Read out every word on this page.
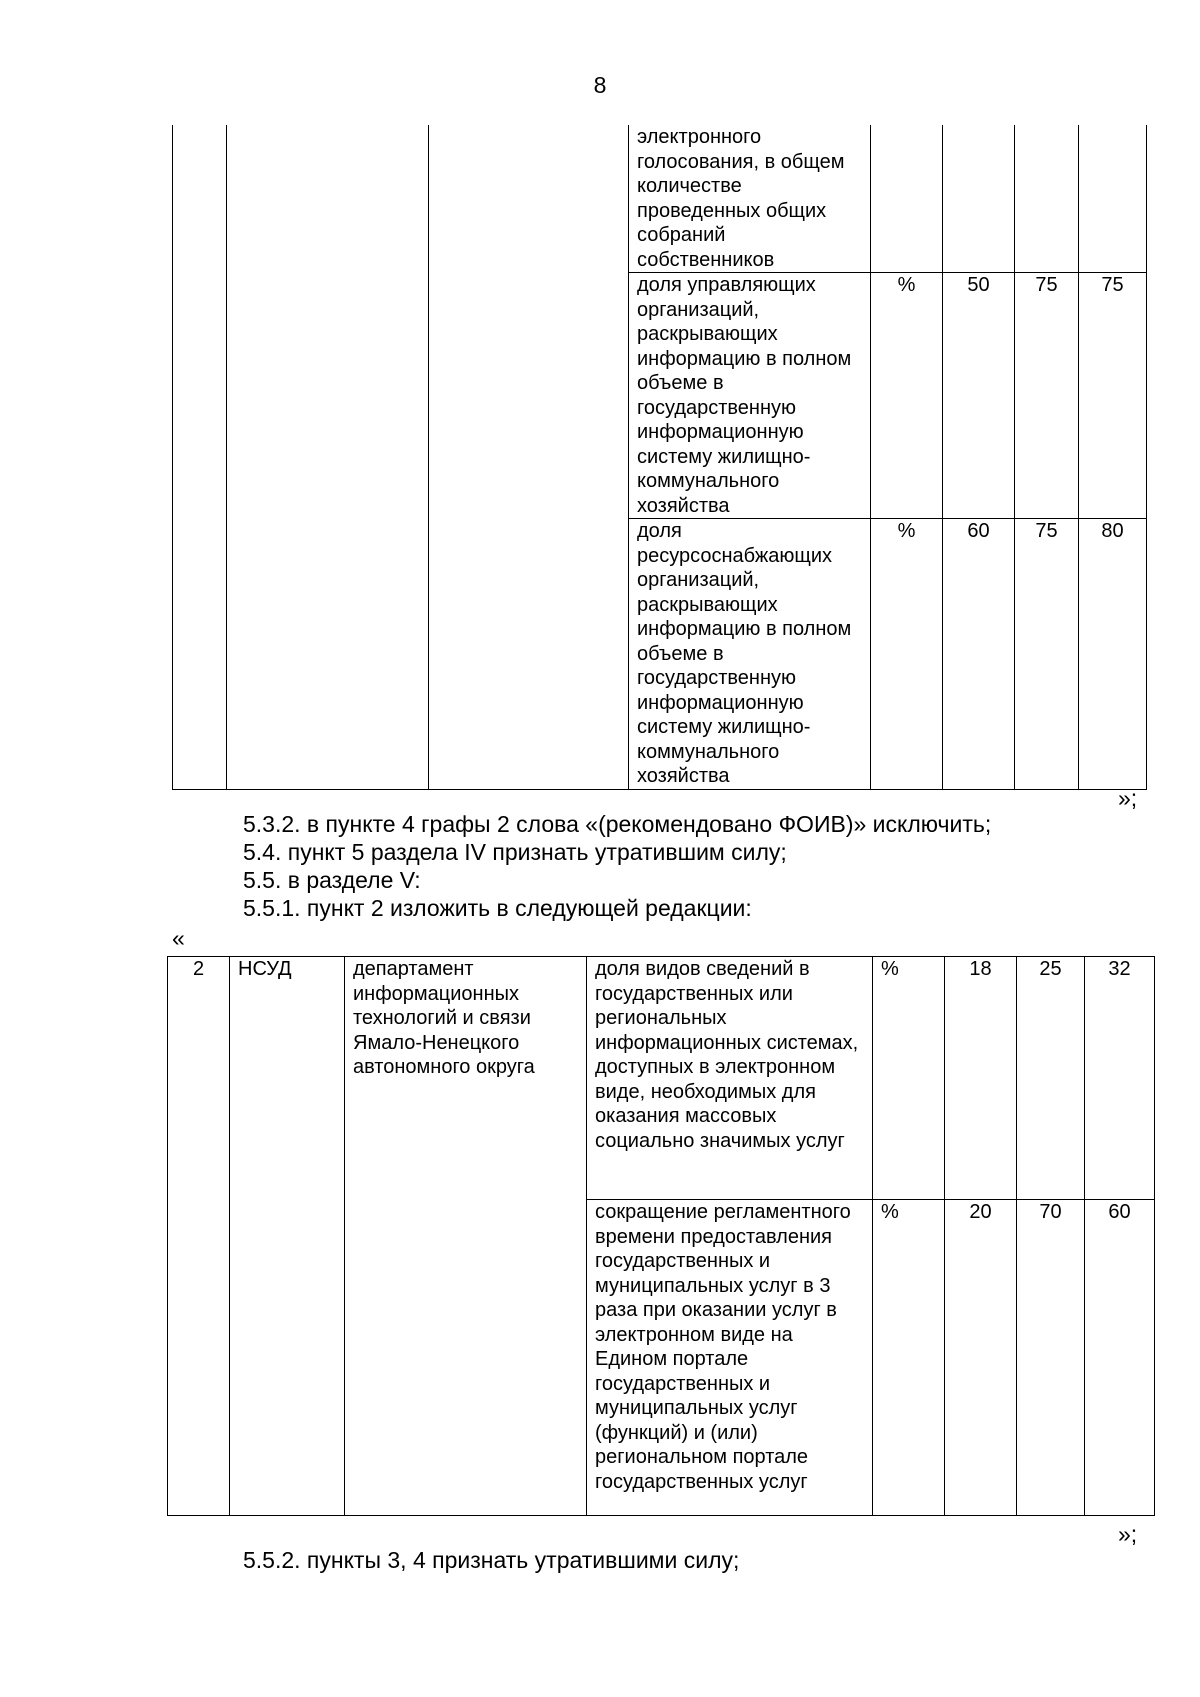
8
			электронного голосования, в общем количестве проведенных общих собраний собственников				
			доля управляющих организаций, раскрывающих информацию в полном объеме в государственную информационную систему жилищно-коммунального хозяйства	%	50	75	75
			доля ресурсоснабжающих организаций, раскрывающих информацию в полном объеме в государственную информационную систему жилищно-коммунального хозяйства	%	60	75	80
»;
5.3.2. в пункте 4 графы 2 слова «(рекомендовано ФОИВ)» исключить;
5.4. пункт 5 раздела IV признать утратившим силу;
5.5. в разделе V:
5.5.1. пункт 2 изложить в следующей редакции:
«
2	НСУД	департамент информационных технологий и связи Ямало-Ненецкого автономного округа	доля видов сведений в государственных или региональных информационных системах, доступных в электронном виде, необходимых для оказания массовых социально значимых услуг	%	18	25	32
			сокращение регламентного времени предоставления государственных и муниципальных услуг в 3 раза при оказании услуг в электронном виде на Едином портале государственных и муниципальных услуг (функций) и (или) региональном портале государственных услуг	%	20	70	60
»;
5.5.2. пункты 3, 4 признать утратившими силу;
